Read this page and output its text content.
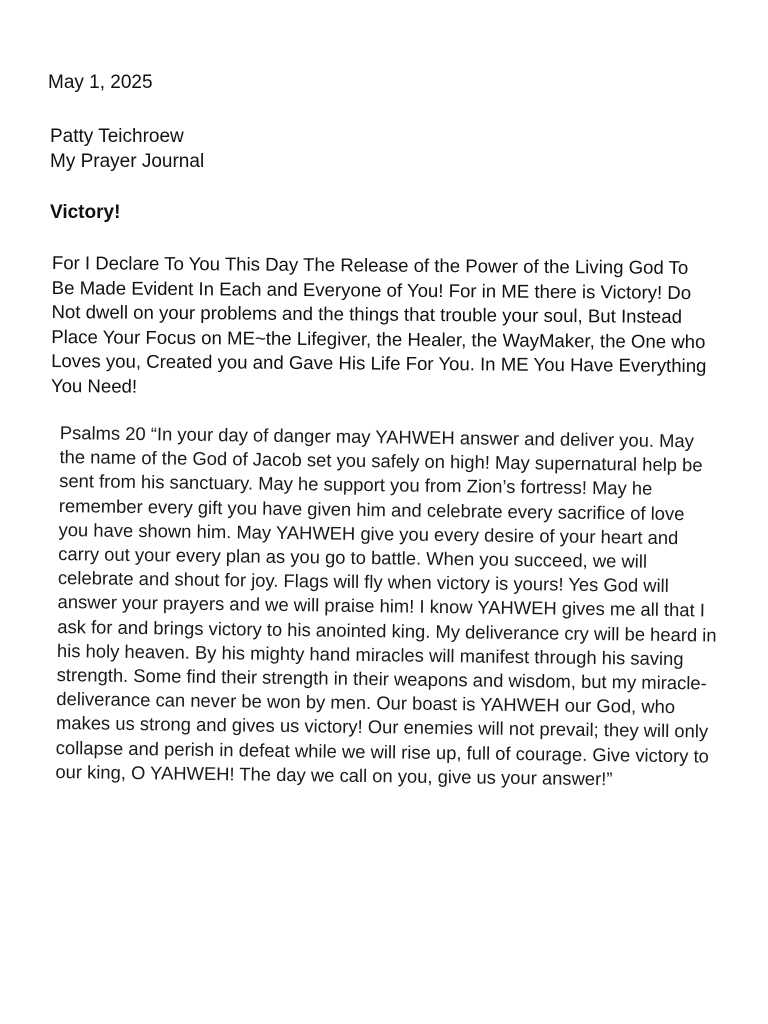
May 1, 2025
Patty Teichroew
My Prayer Journal
Victory!

For I Declare To You This Day The Release of the Power of the Living God To Be Made Evident In Each and Everyone of You! For in ME there is Victory! Do Not dwell on your problems and the things that trouble your soul, But Instead Place Your Focus on ME~the Lifegiver, the Healer, the WayMaker, the One who Loves you, Created you and Gave His Life For You. In ME You Have Everything You Need!

Psalms 20 “In your day of danger may YAHWEH answer and deliver you. May the name of the God of Jacob set you safely on high! May supernatural help be sent from his sanctuary. May he support you from Zion’s fortress! May he remember every gift you have given him and celebrate every sacrifice of love you have shown him. May YAHWEH give you every desire of your heart and carry out your every plan as you go to battle. When you succeed, we will celebrate and shout for joy. Flags will fly when victory is yours! Yes God will answer your prayers and we will praise him! I know YAHWEH gives me all that I ask for and brings victory to his anointed king. My deliverance cry will be heard in his holy heaven. By his mighty hand miracles will manifest through his saving strength. Some find their strength in their weapons and wisdom, but my miracle-deliverance can never be won by men. Our boast is YAHWEH our God, who makes us strong and gives us victory! Our enemies will not prevail; they will only collapse and perish in defeat while we will rise up, full of courage. Give victory to our king, O YAHWEH! The day we call on you, give us your answer!”
